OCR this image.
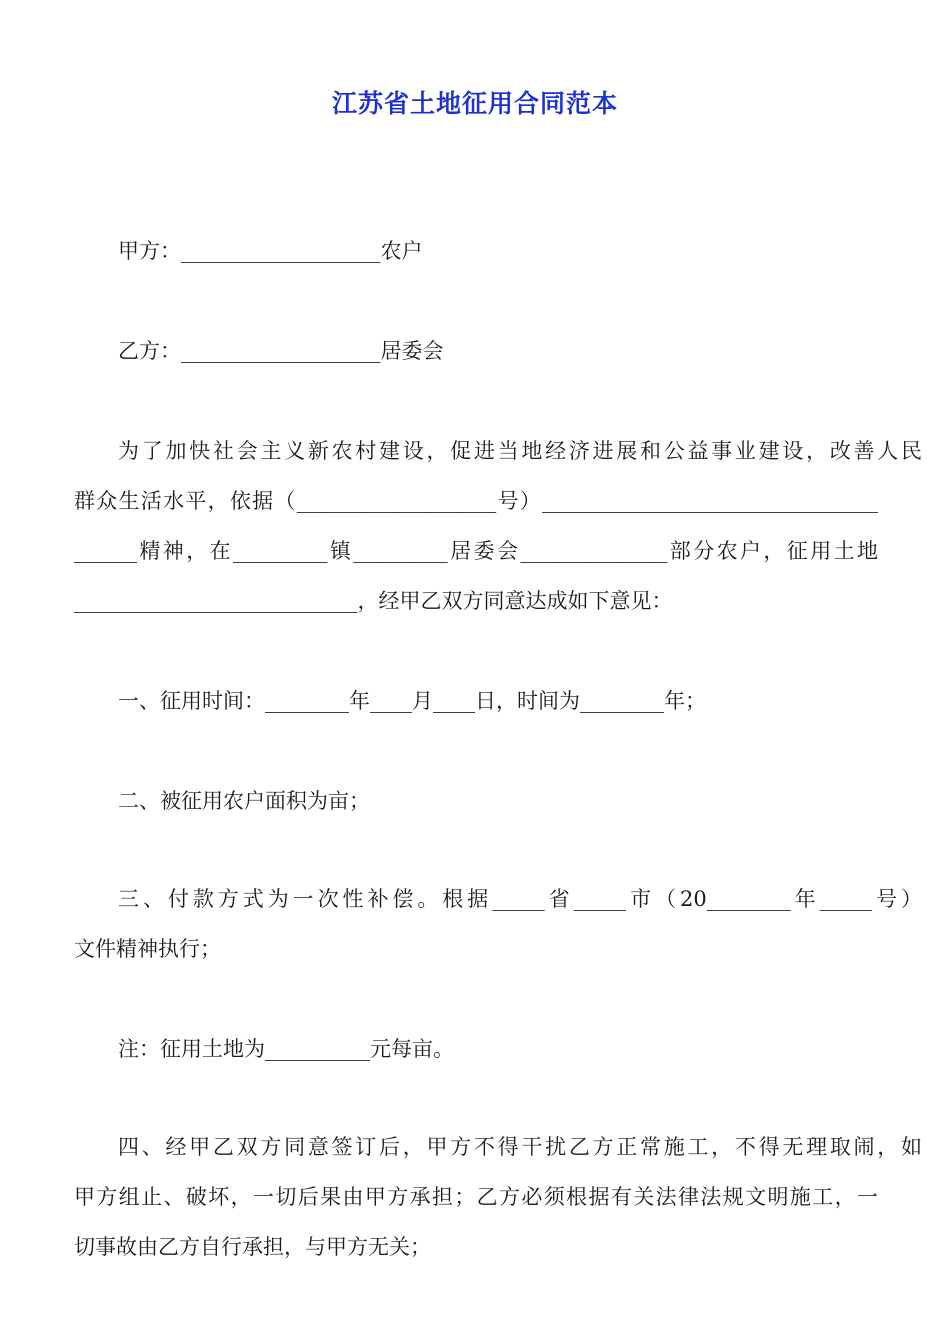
江苏省土地征用合同范本
甲方：___________________农户
乙方：___________________居委会
为了加快社会主义新农村建设，促进当地经济进展和公益事业建设，改善人民
群众生活水平，依据（___________________号）________________________________
______精神，在_________镇_________居委会______________部分农户，征用土地
___________________________，经甲乙双方同意达成如下意见：
一、征用时间：________年____月____日，时间为________年；
二、被征用农户面积为亩；
三、付款方式为一次性补偿。根据_____省_____市（20________年_____号）
文件精神执行；
注：征用土地为__________元每亩。
四、经甲乙双方同意签订后，甲方不得干扰乙方正常施工，不得无理取闹，如
甲方组止、破坏，一切后果由甲方承担；乙方必须根据有关法律法规文明施工，一
切事故由乙方自行承担，与甲方无关；
